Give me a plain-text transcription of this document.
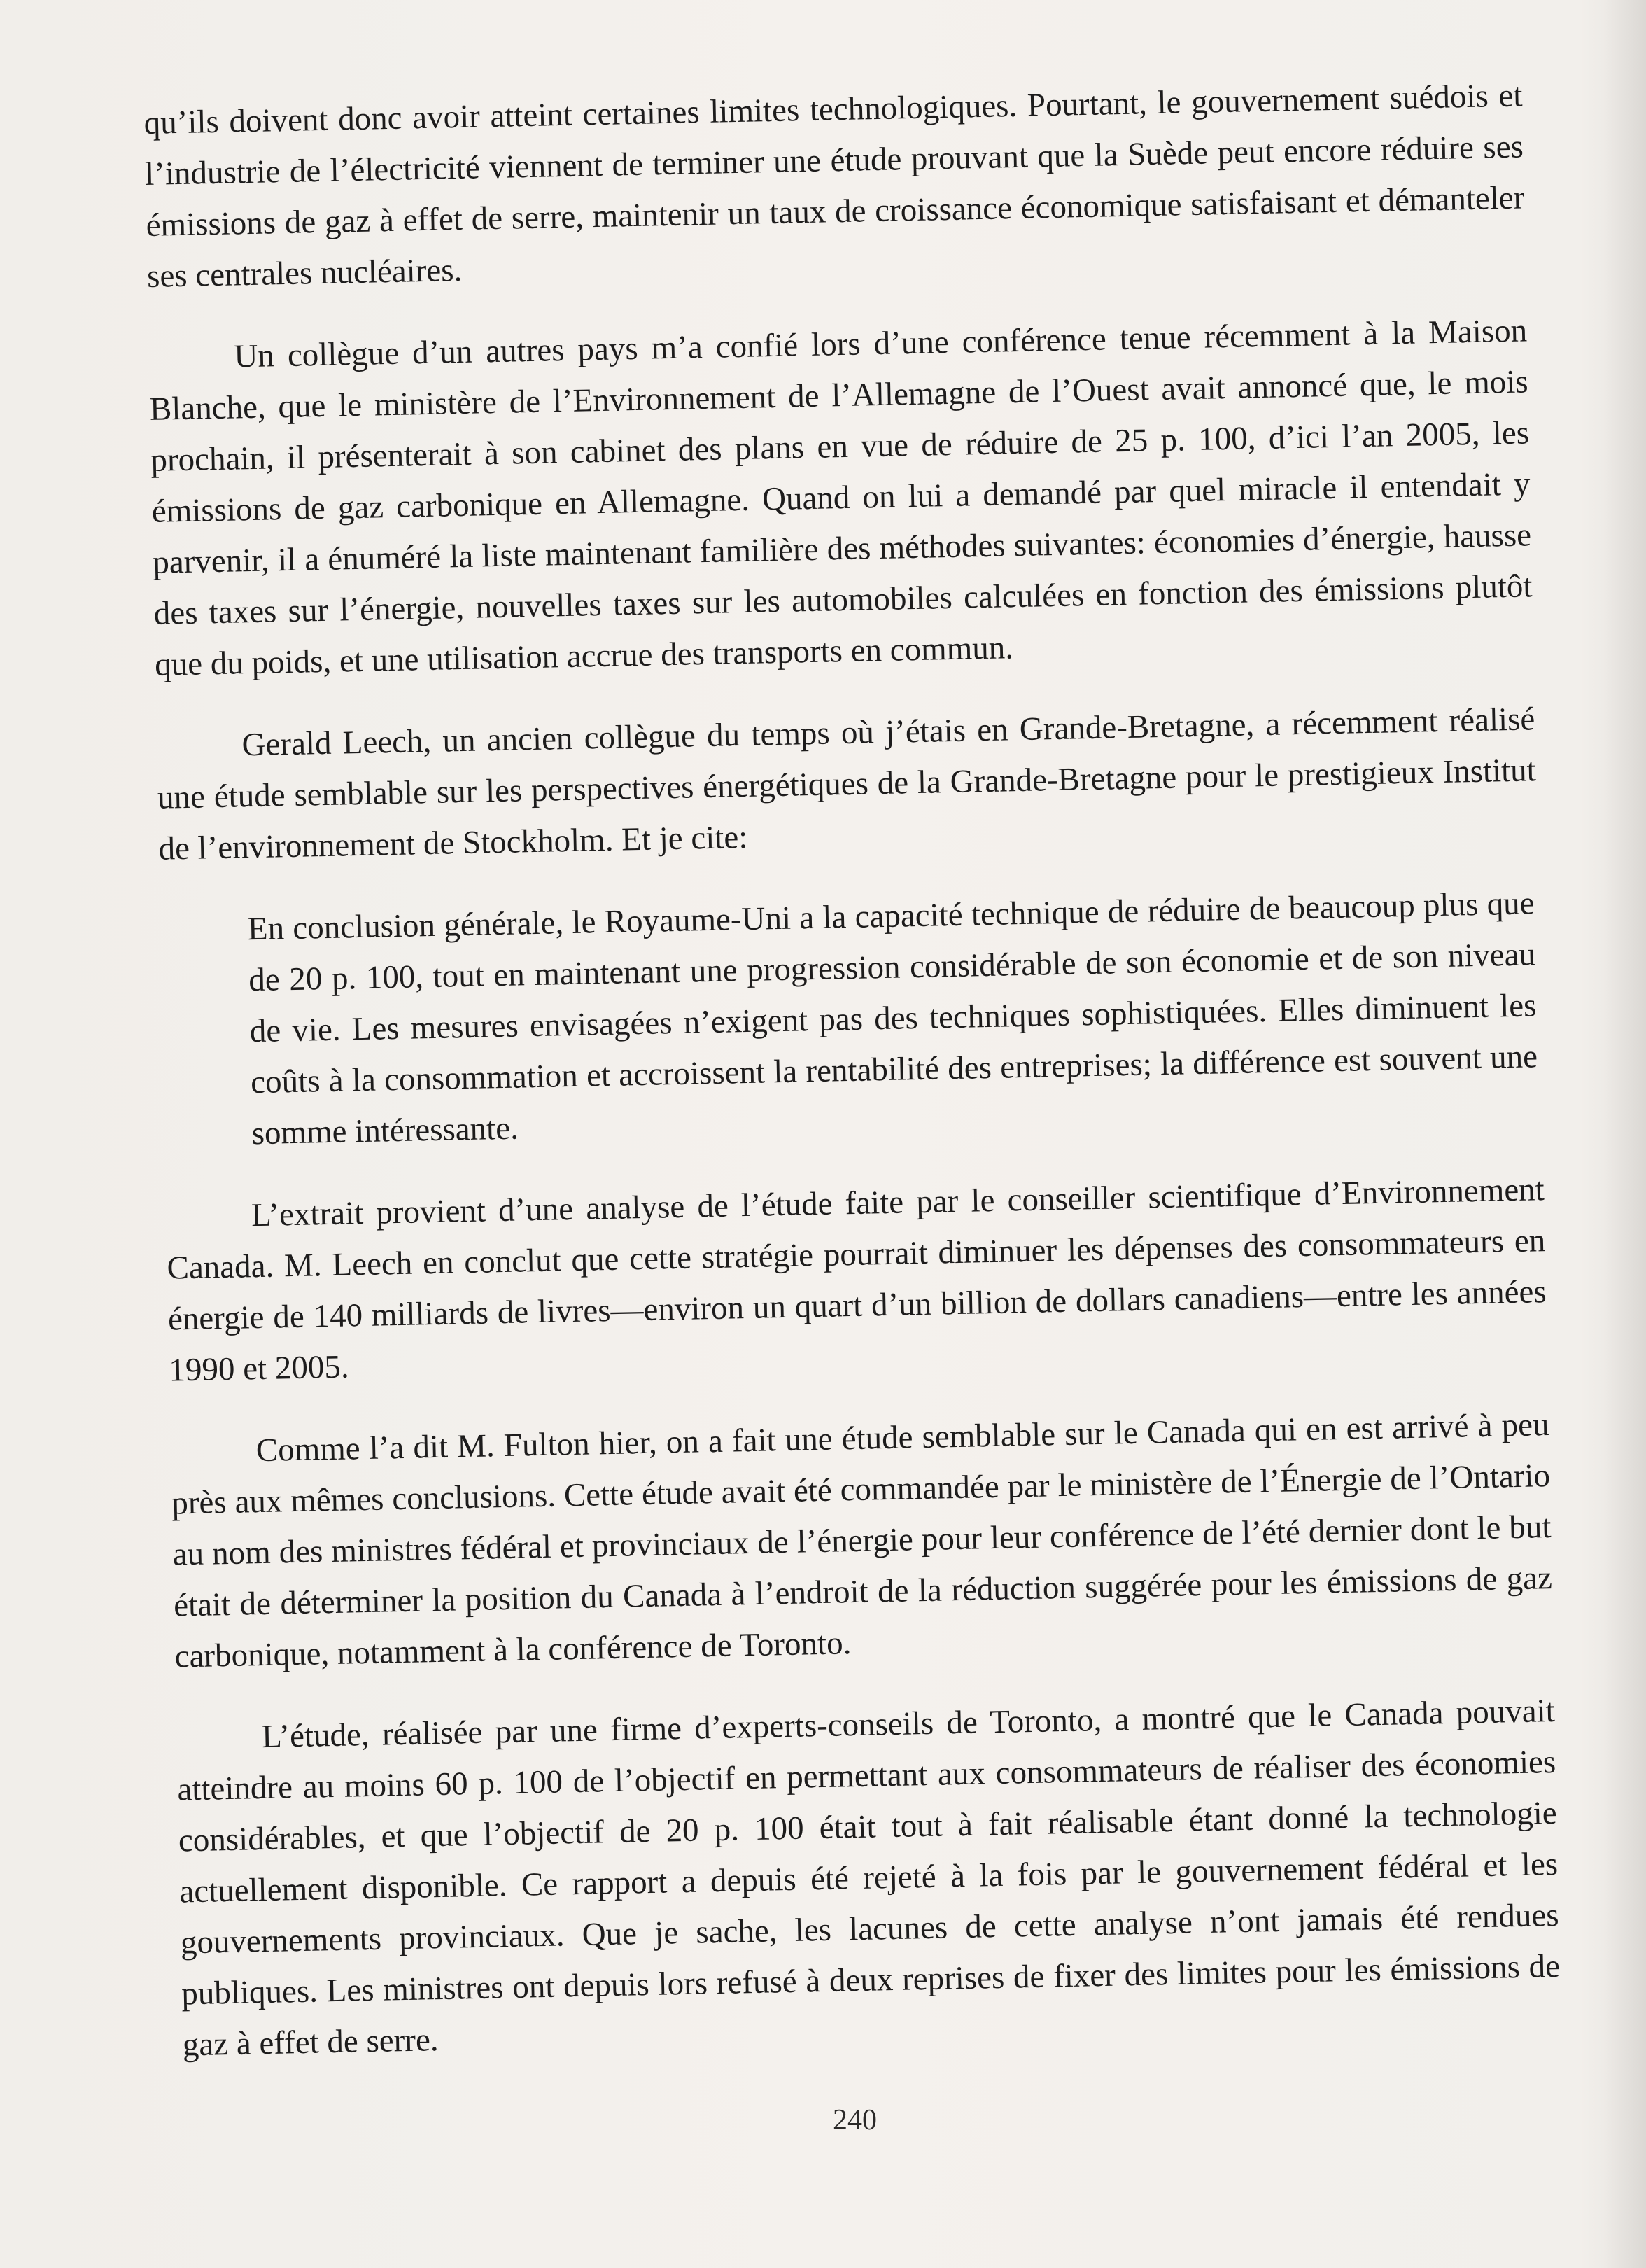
qu’ils doivent donc avoir atteint certaines limites technologiques. Pourtant, le gouvernement suédois et l’industrie de l’électricité viennent de terminer une étude prouvant que la Suède peut encore réduire ses émissions de gaz à effet de serre, maintenir un taux de croissance économique satisfaisant et démanteler ses centrales nucléaires.

Un collègue d’un autres pays m’a confié lors d’une conférence tenue récemment à la Maison Blanche, que le ministère de l’Environnement de l’Allemagne de l’Ouest avait annoncé que, le mois prochain, il présenterait à son cabinet des plans en vue de réduire de 25 p. 100, d’ici l’an 2005, les émissions de gaz carbonique en Allemagne. Quand on lui a demandé par quel miracle il entendait y parvenir, il a énuméré la liste maintenant familière des méthodes suivantes: économies d’énergie, hausse des taxes sur l’énergie, nouvelles taxes sur les automobiles calculées en fonction des émissions plutôt que du poids, et une utilisation accrue des transports en commun.

Gerald Leech, un ancien collègue du temps où j’étais en Grande-Bretagne, a récemment réalisé une étude semblable sur les perspectives énergétiques de la Grande-Bretagne pour le prestigieux Institut de l’environnement de Stockholm. Et je cite:

En conclusion générale, le Royaume-Uni a la capacité technique de réduire de beaucoup plus que de 20 p. 100, tout en maintenant une progression considérable de son économie et de son niveau de vie. Les mesures envisagées n’exigent pas des techniques sophistiquées. Elles diminuent les coûts à la consommation et accroissent la rentabilité des entreprises; la différence est souvent une somme intéressante.

L’extrait provient d’une analyse de l’étude faite par le conseiller scientifique d’Environnement Canada. M. Leech en conclut que cette stratégie pourrait diminuer les dépenses des consommateurs en énergie de 140 milliards de livres—environ un quart d’un billion de dollars canadiens—entre les années 1990 et 2005.

Comme l’a dit M. Fulton hier, on a fait une étude semblable sur le Canada qui en est arrivé à peu près aux mêmes conclusions. Cette étude avait été commandée par le ministère de l’Énergie de l’Ontario au nom des ministres fédéral et provinciaux de l’énergie pour leur conférence de l’été dernier dont le but était de déterminer la position du Canada à l’endroit de la réduction suggérée pour les émissions de gaz carbonique, notamment à la conférence de Toronto.

L’étude, réalisée par une firme d’experts-conseils de Toronto, a montré que le Canada pouvait atteindre au moins 60 p. 100 de l’objectif en permettant aux consommateurs de réaliser des économies considérables, et que l’objectif de 20 p. 100 était tout à fait réalisable étant donné la technologie actuellement disponible. Ce rapport a depuis été rejeté à la fois par le gouvernement fédéral et les gouvernements provinciaux. Que je sache, les lacunes de cette analyse n’ont jamais été rendues publiques. Les ministres ont depuis lors refusé à deux reprises de fixer des limites pour les émissions de gaz à effet de serre.

240
